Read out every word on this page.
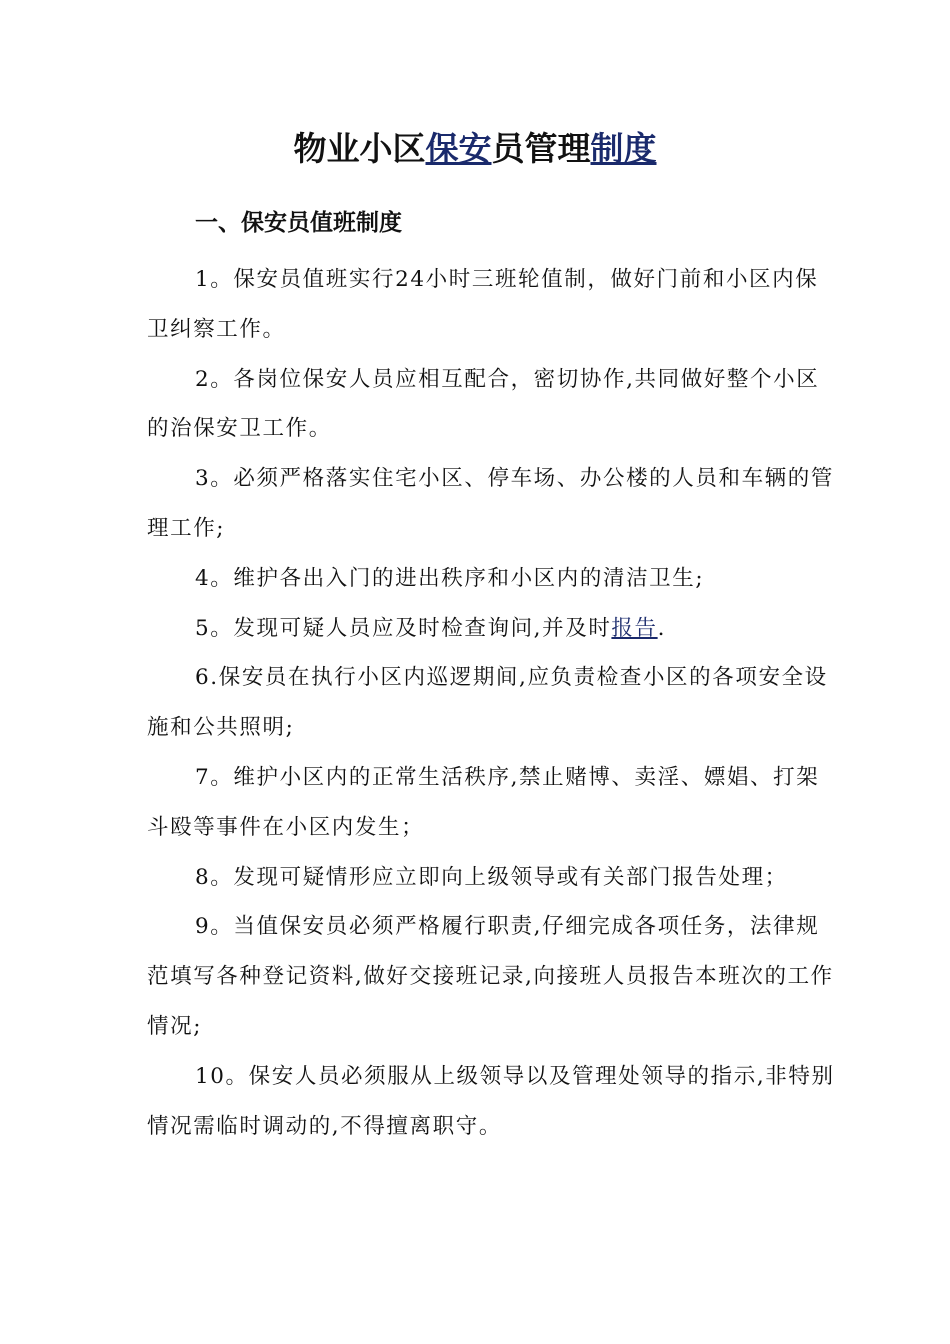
物业小区保安员管理制度
一、保安员值班制度

1。保安员值班实行24小时三班轮值制，做好门前和小区内保卫纠察工作。

2。各岗位保安人员应相互配合，密切协作,共同做好整个小区的治保安卫工作。

3。必须严格落实住宅小区、停车场、办公楼的人员和车辆的管理工作;

4。维护各出入门的进出秩序和小区内的清洁卫生;

5。发现可疑人员应及时检查询问,并及时报告.

6.保安员在执行小区内巡逻期间,应负责检查小区的各项安全设施和公共照明;

7。维护小区内的正常生活秩序,禁止赌博、卖淫、嫖娼、打架斗殴等事件在小区内发生；

8。发现可疑情形应立即向上级领导或有关部门报告处理；

9。当值保安员必须严格履行职责,仔细完成各项任务，法律规范填写各种登记资料,做好交接班记录,向接班人员报告本班次的工作情况;

10。保安人员必须服从上级领导以及管理处领导的指示,非特别情况需临时调动的,不得擅离职守。
